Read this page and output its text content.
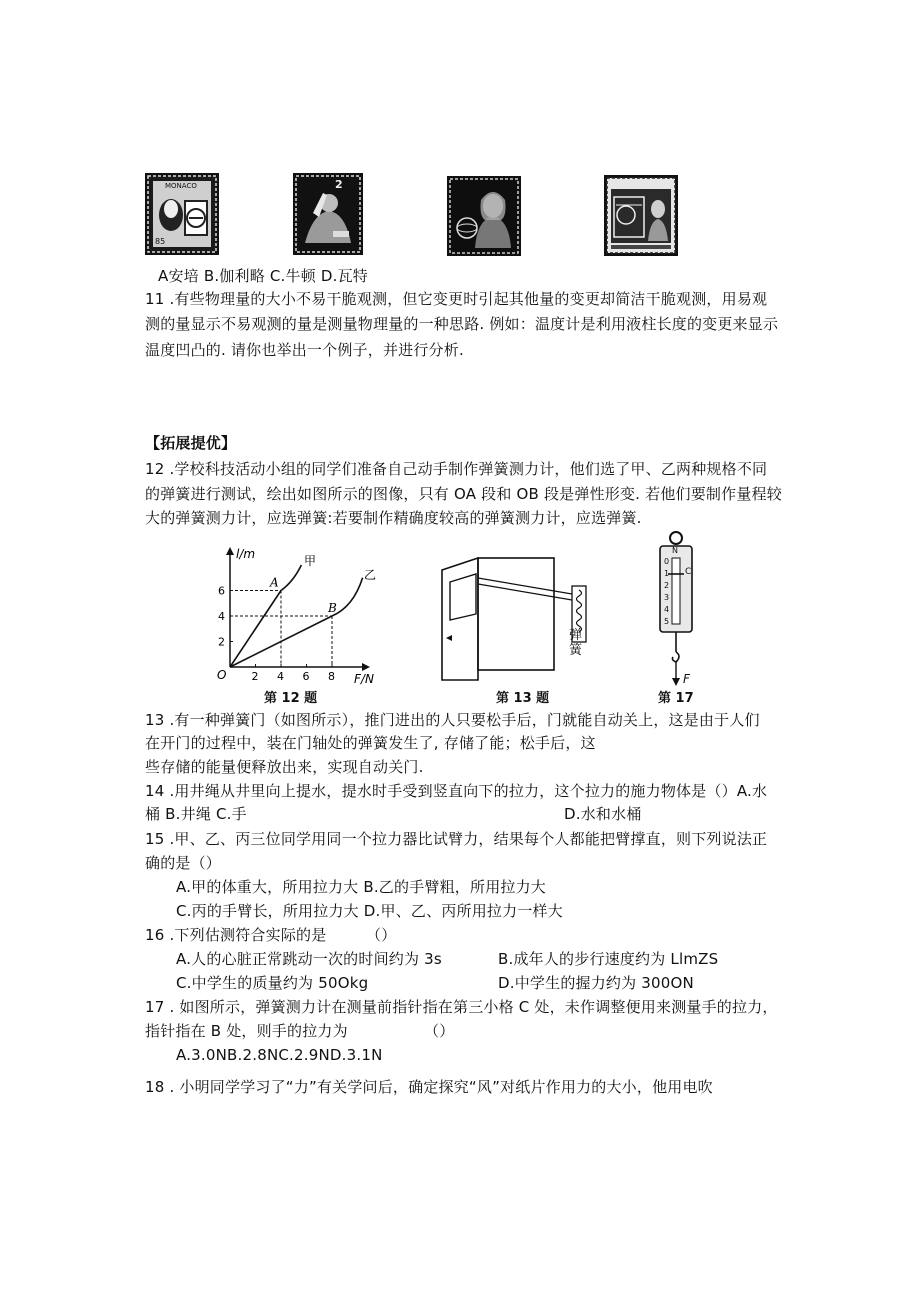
MONACO
85
2
A安培 B.伽利略 C.牛顿 D.瓦特
11 .有些物理量的大小不易干脆观测，但它变更时引起其他量的变更却简洁干脆观测，用易观
测的量显示不易观测的量是测量物理量的一种思路. 例如：温度计是利用液柱长度的变更来显示
温度凹凸的. 请你也举出一个例子，并进行分析.
【拓展提优】
12 .学校科技活动小组的同学们准备自己动手制作弹簧测力计，他们选了甲、乙两种规格不同
的弹簧进行测试，绘出如图所示的图像，只有 OA 段和 OB 段是弹性形变. 若他们要制作量程较
大的弹簧测力计，应选弹簧:若要制作精确度较高的弹簧测力计，应选弹簧.
2 4 6 8
2
4
6
A
B
l/m
F/N
O
甲
乙
第 12 题
弹簧
第 13 题
N
0
1
2
3
4
5
C
F
第 17
13 .有一种弹簧门（如图所示），推门进出的人只要松手后，门就能自动关上，这是由于人们
在开门的过程中，装在门轴处的弹簧发生了, 存储了能；松手后，这
些存储的能量便释放出来，实现自动关门.
14 .用井绳从井里向上提水，提水时手受到竖直向下的拉力，这个拉力的施力物体是（）A.水
桶 B.井绳 C.手	D.水和水桶
15 .甲、乙、丙三位同学用同一个拉力器比试臂力，结果每个人都能把臂撑直，则下列说法正
确的是（）
A.甲的体重大，所用拉力大 B.乙的手臂粗，所用拉力大
C.丙的手臂长，所用拉力大 D.甲、乙、丙所用拉力一样大
16 .下列估测符合实际的是	（）
A.人的心脏正常跳动一次的时间约为 3s	B.成年人的步行速度约为 LlmZS
C.中学生的质量约为 50Okg	D.中学生的握力约为 300ON
17 . 如图所示，弹簧测力计在测量前指针指在第三小格 C 处，未作调整便用来测量手的拉力，
指针指在 B 处，则手的拉力为	（）
A.3.0NB.2.8NC.2.9ND.3.1N
18 . 小明同学学习了“力”有关学问后，确定探究“风”对纸片作用力的大小，他用电吹
